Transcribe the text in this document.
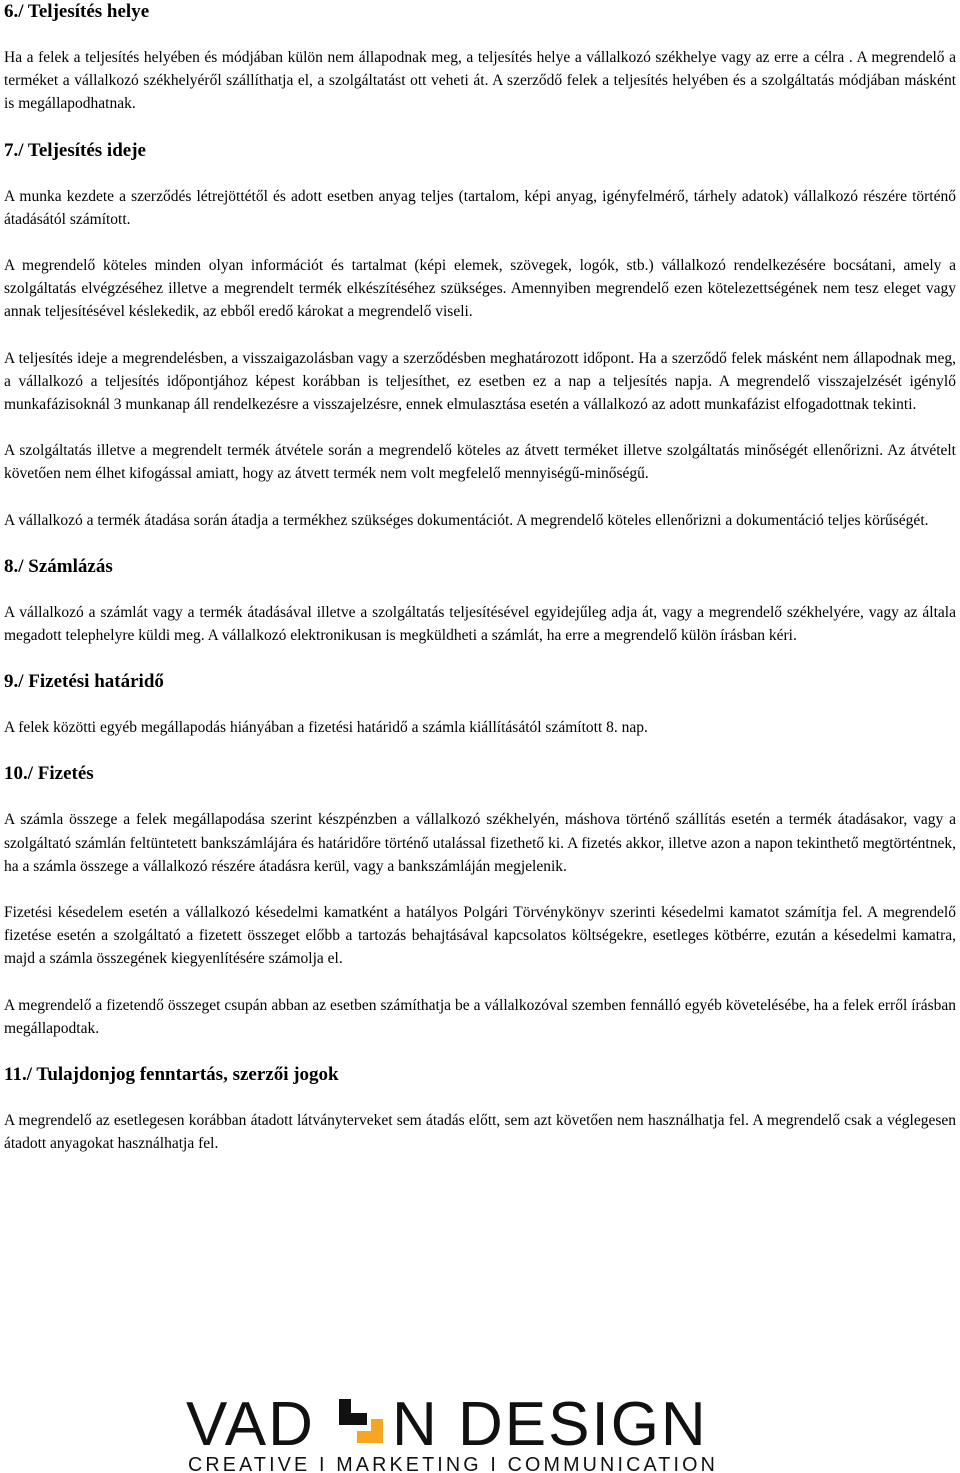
6./ Teljesítés helye

Ha a felek a teljesítés helyében és módjában külön nem állapodnak meg, a teljesítés helye a vállalkozó székhelye vagy az erre a célra . A megrendelő a terméket a vállalkozó székhelyéről szállíthatja el, a szolgáltatást ott veheti át. A szerződő felek a teljesítés helyében és a szolgáltatás módjában másként is megállapodhatnak.

7./ Teljesítés ideje

A munka kezdete a szerződés létrejöttétől és adott esetben anyag teljes (tartalom, képi anyag, igényfelmérő, tárhely adatok) vállalkozó részére történő átadásától számított.

A megrendelő köteles minden olyan információt és tartalmat (képi elemek, szövegek, logók, stb.) vállalkozó rendelkezésére bocsátani, amely a szolgáltatás elvégzéséhez illetve a megrendelt termék elkészítéséhez szükséges. Amennyiben megrendelő ezen kötelezettségének nem tesz eleget vagy annak teljesítésével késlekedik, az ebből eredő károkat a megrendelő viseli.

A teljesítés ideje a megrendelésben, a visszaigazolásban vagy a szerződésben meghatározott időpont. Ha a szerződő felek másként nem állapodnak meg, a vállalkozó a teljesítés időpontjához képest korábban is teljesíthet, ez esetben ez a nap a teljesítés napja. A megrendelő visszajelzését igénylő munkafázisoknál 3 munkanap áll rendelkezésre a visszajelzésre, ennek elmulasztása esetén a vállalkozó az adott munkafázist elfogadottnak tekinti.

A szolgáltatás illetve a megrendelt termék átvétele során a megrendelő köteles az átvett terméket illetve szolgáltatás minőségét ellenőrizni. Az átvételt követően nem élhet kifogással amiatt, hogy az átvett termék nem volt megfelelő mennyiségű-minőségű.

A vállalkozó a termék átadása során átadja a termékhez szükséges dokumentációt. A megrendelő köteles ellenőrizni a dokumentáció teljes körűségét.

8./ Számlázás

A vállalkozó a számlát vagy a termék átadásával illetve a szolgáltatás teljesítésével egyidejűleg adja át, vagy a megrendelő székhelyére, vagy az általa megadott telephelyre küldi meg. A vállalkozó elektronikusan is megküldheti a számlát, ha erre a megrendelő külön írásban kéri.

9./ Fizetési határidő

A felek közötti egyéb megállapodás hiányában a fizetési határidő a számla kiállításától számított 8. nap.

10./ Fizetés

A számla összege a felek megállapodása szerint készpénzben a vállalkozó székhelyén, máshova történő szállítás esetén a termék átadásakor, vagy a szolgáltató számlán feltüntetett bankszámlájára és határidőre történő utalással fizethető ki. A fizetés akkor, illetve azon a napon tekinthető megtörténtnek, ha a számla összege a vállalkozó részére átadásra kerül, vagy a bankszámláján megjelenik.

Fizetési késedelem esetén a vállalkozó késedelmi kamatként a hatályos Polgári Törvénykönyv szerinti késedelmi kamatot számítja fel. A megrendelő fizetése esetén a szolgáltató a fizetett összeget előbb a tartozás behajtásával kapcsolatos költségekre, esetleges kötbérre, ezután a késedelmi kamatra, majd a számla összegének kiegyenlítésére számolja el.

A megrendelő a fizetendő összeget csupán abban az esetben számíthatja be a vállalkozóval szemben fennálló egyéb követelésébe, ha a felek erről írásban megállapodtak.

11./ Tulajdonjog fenntartás, szerzői jogok

A megrendelő az esetlegesen korábban átadott látványterveket sem átadás előtt, sem azt követően nem használhatja fel. A megrendelő csak a véglegesen átadott anyagokat használhatja fel.

VAD N DESIGN
CREATIVE I MARKETING I COMMUNICATION
